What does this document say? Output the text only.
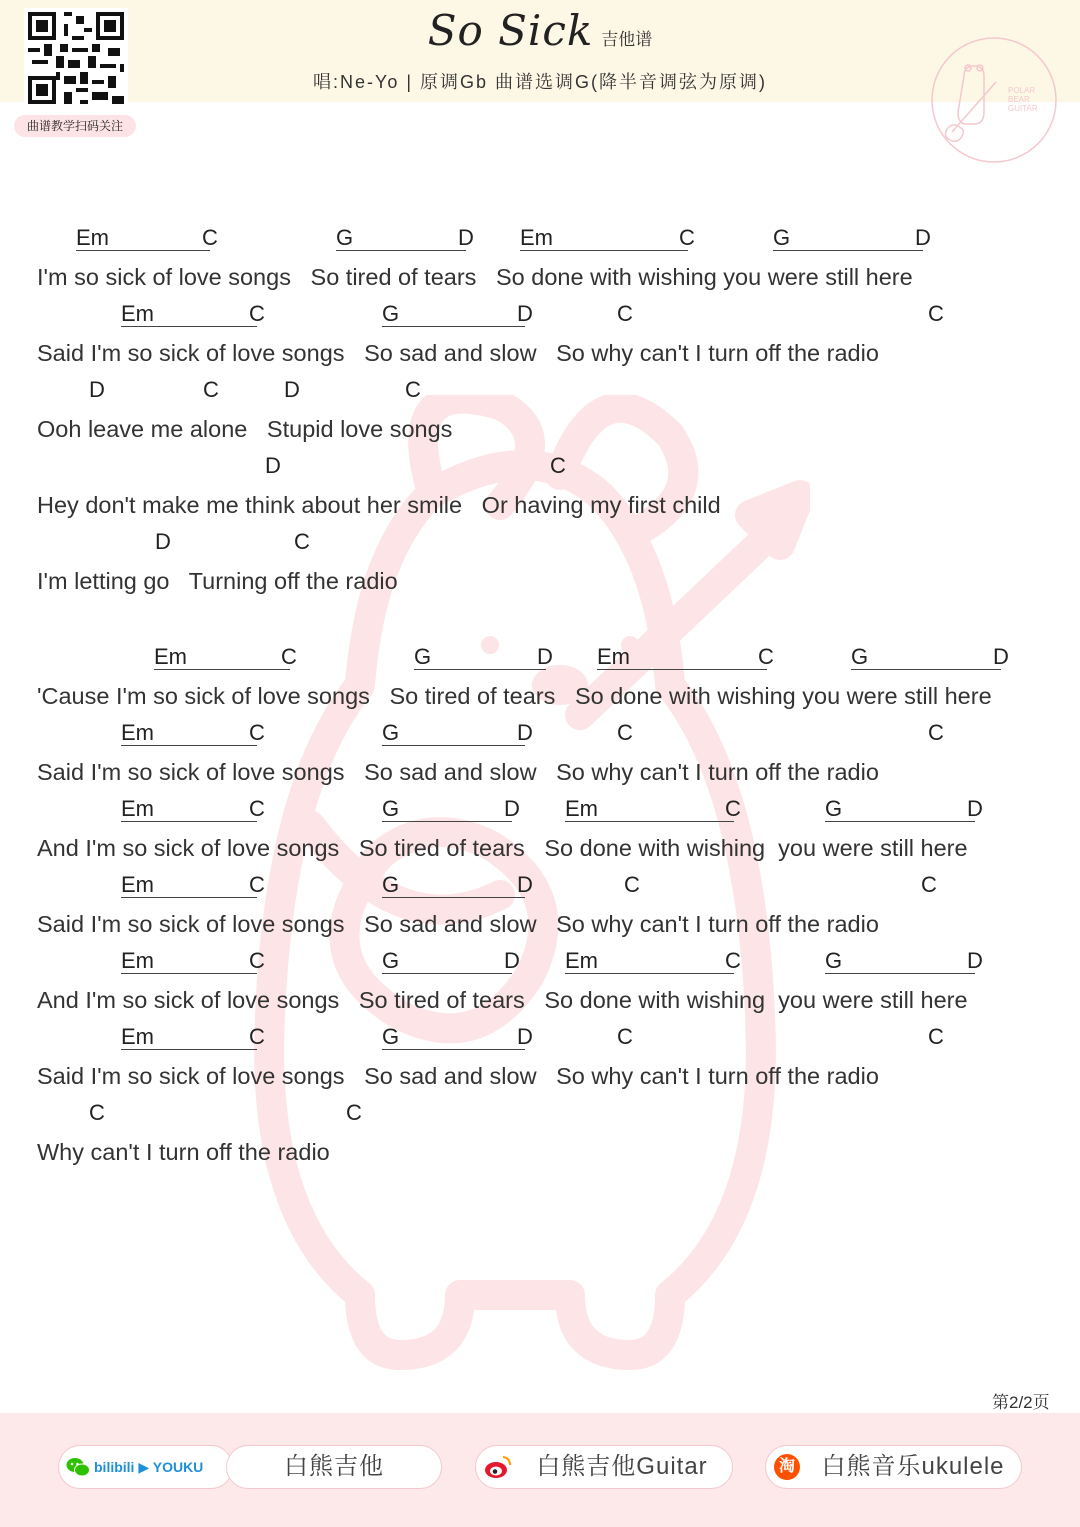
曲谱教学扫码关注
So Sick 吉他谱
唱:Ne-Yo | 原调Gb 曲谱选调G(降半音调弦为原调)	POLAR
BEAR
GUITAR
Em	C	G	D Em	C	G	D
I'm so sick of love songs   So tired of tears   So done with wishing you were still here
Em	C	G	D	C	C
Said I'm so sick of love songs   So sad and slow   So why can't I turn off the radio
D	C	D	C
Ooh leave me alone   Stupid love songs
D	C
Hey don't make me think about her smile   Or having my first child
D	C
I'm letting go   Turning off the radio
Em	C	G	D Em	C	G	D
'Cause I'm so sick of love songs   So tired of tears   So done with wishing you were still here
Em	C	G	D	C	C
Said I'm so sick of love songs   So sad and slow   So why can't I turn off the radio
Em	C	G	D Em	C	G	D
And I'm so sick of love songs   So tired of tears   So done with wishing  you were still here
Em	C	G	D	C	C
Said I'm so sick of love songs   So sad and slow   So why can't I turn off the radio
Em	C	G	D Em	C	G	D
And I'm so sick of love songs   So tired of tears   So done with wishing  you were still here
Em	C	G	D	C	C
Said I'm so sick of love songs   So sad and slow   So why can't I turn off the radio
C	C
Why can't I turn off the radio
第2/2页
bilibili ▶ YOUKU	白熊吉他	白熊吉他Guitar	淘	白熊音乐ukulele
